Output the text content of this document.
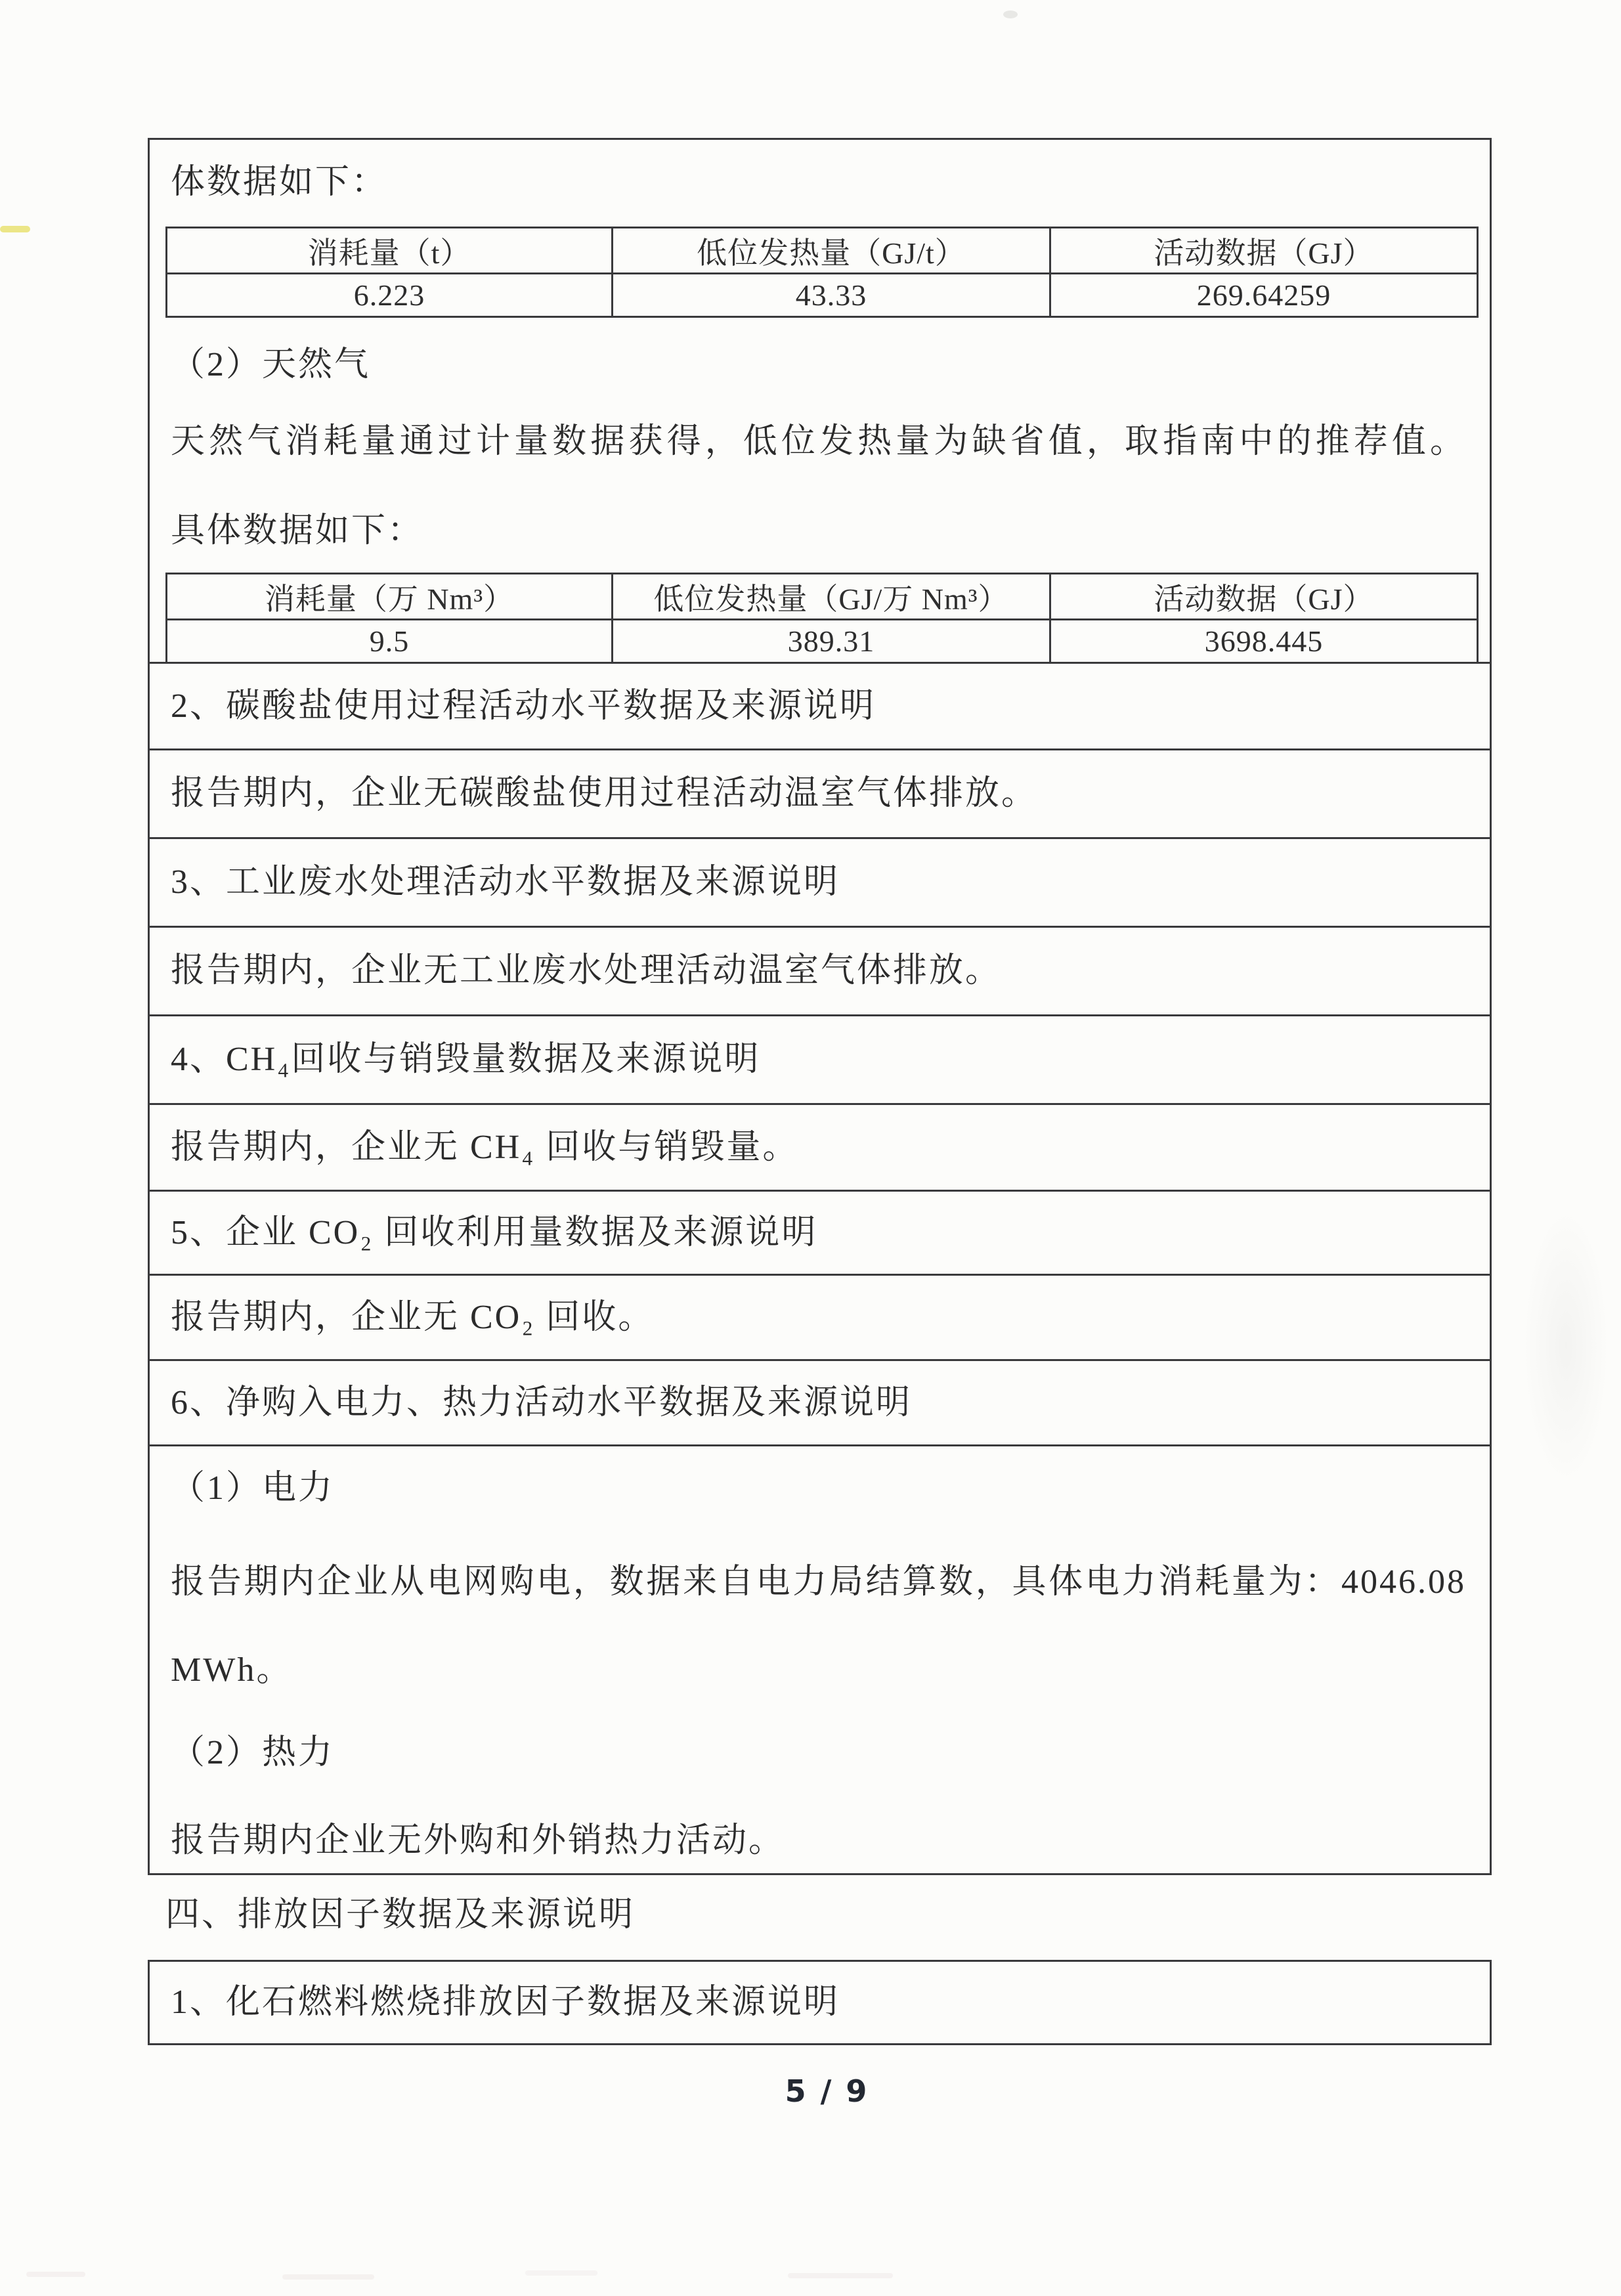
体数据如下：
消耗量（t）	低位发热量（GJ/t）	活动数据（GJ）
6.223	43.33	269.64259
（2）天然气
天然气消耗量通过计量数据获得，低位发热量为缺省值，取指南中的推荐值。
具体数据如下：
消耗量（万 Nm³）	低位发热量（GJ/万 Nm³）	活动数据（GJ）
9.5	389.31	3698.445
2、碳酸盐使用过程活动水平数据及来源说明
报告期内，企业无碳酸盐使用过程活动温室气体排放。
3、工业废水处理活动水平数据及来源说明
报告期内，企业无工业废水处理活动温室气体排放。
4、CH₄回收与销毁量数据及来源说明
报告期内，企业无 CH₄ 回收与销毁量。
5、企业 CO₂ 回收利用量数据及来源说明
报告期内，企业无 CO₂ 回收。
6、净购入电力、热力活动水平数据及来源说明
（1）电力
报告期内企业从电网购电，数据来自电力局结算数，具体电力消耗量为：4046.08
MWh。
（2）热力
报告期内企业无外购和外销热力活动。
四、排放因子数据及来源说明
1、化石燃料燃烧排放因子数据及来源说明
5 / 9
